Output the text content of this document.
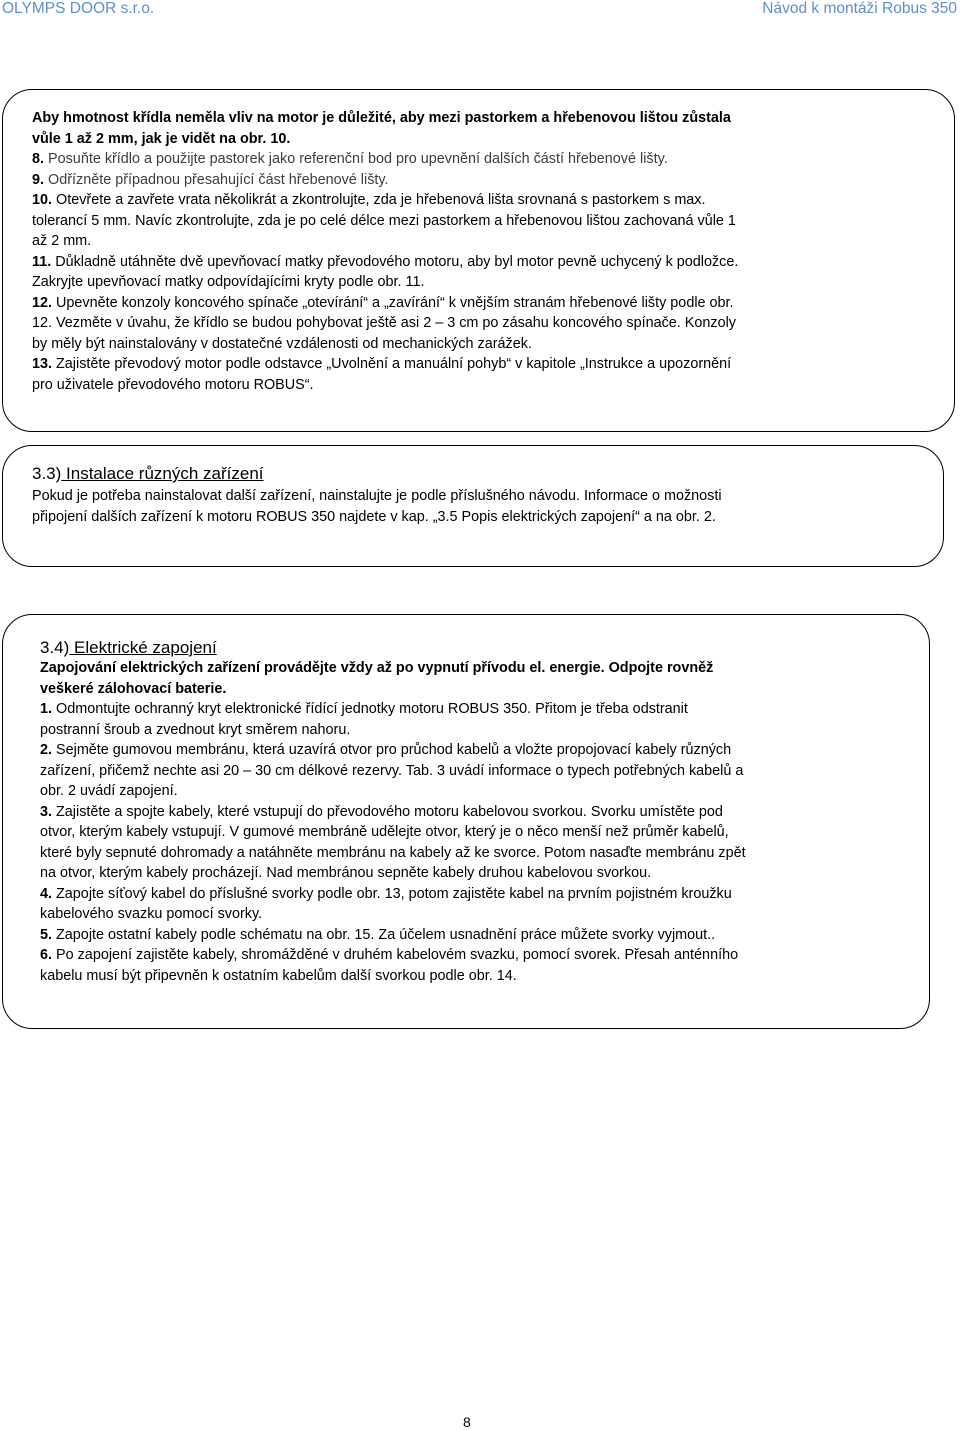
OLYMPS DOOR s.r.o.	Návod k montáži Robus 350
Aby hmotnost křídla neměla vliv na motor je důležité, aby mezi pastorkem a hřebenovou lištou zůstala
vůle 1 až 2 mm, jak je vidět na obr. 10.
8. Posuňte křídlo a použijte pastorek jako referenční bod pro upevnění dalších částí hřebenové lišty.
9. Odřízněte případnou přesahující část hřebenové lišty.
10. Otevřete a zavřete vrata několikrát a zkontrolujte, zda je hřebenová lišta srovnaná s pastorkem s max.
tolerancí 5 mm. Navíc zkontrolujte, zda je po celé délce mezi pastorkem a hřebenovou lištou zachovaná vůle 1
až 2 mm.
11. Důkladně utáhněte dvě upevňovací matky převodového motoru, aby byl motor pevně uchycený k podložce.
Zakryjte upevňovací matky odpovídajícími kryty podle obr. 11.
12. Upevněte konzoly koncového spínače „otevírání“ a „zavírání“ k vnějším stranám hřebenové lišty podle obr.
12. Vezměte v úvahu, že křídlo se budou pohybovat ještě asi 2 – 3 cm po zásahu koncového spínače. Konzoly
by měly být nainstalovány v dostatečné vzdálenosti od mechanických zarážek.
13. Zajistěte převodový motor podle odstavce „Uvolnění a manuální pohyb“ v kapitole „Instrukce a upozornění
pro uživatele převodového motoru ROBUS“.
3.3) Instalace různých zařízení
Pokud je potřeba nainstalovat další zařízení, nainstalujte je podle příslušného návodu. Informace o možnosti
připojení dalších zařízení k motoru ROBUS 350 najdete v kap. „3.5 Popis elektrických zapojení“ a na obr. 2.
3.4) Elektrické zapojení
Zapojování elektrických zařízení provádějte vždy až po vypnutí přívodu el. energie. Odpojte rovněž
veškeré zálohovací baterie.
1. Odmontujte ochranný kryt elektronické řídící jednotky motoru ROBUS 350. Přitom je třeba odstranit
postranní šroub a zvednout kryt směrem nahoru.
2. Sejměte gumovou membránu, která uzavírá otvor pro průchod kabelů a vložte propojovací kabely různých
zařízení, přičemž nechte asi 20 – 30 cm délkové rezervy. Tab. 3 uvádí informace o typech potřebných kabelů a
obr. 2 uvádí zapojení.
3. Zajistěte a spojte kabely, které vstupují do převodového motoru kabelovou svorkou. Svorku umístěte pod
otvor, kterým kabely vstupují. V gumové membráně udělejte otvor, který je o něco menší než průměr kabelů,
které byly sepnuté dohromady a natáhněte membránu na kabely až ke svorce. Potom nasaďte membránu zpět
na otvor, kterým kabely procházejí. Nad membránou sepněte kabely druhou kabelovou svorkou.
4. Zapojte síťový kabel do příslušné svorky podle obr. 13, potom zajistěte kabel na prvním pojistném kroužku
kabelového svazku pomocí svorky.
5. Zapojte ostatní kabely podle schématu na obr. 15. Za účelem usnadnění práce můžete svorky vyjmout..
6. Po zapojení zajistěte kabely, shromážděné v druhém kabelovém svazku, pomocí svorek. Přesah anténního
kabelu musí být připevněn k ostatním kabelům další svorkou podle obr. 14.
8
